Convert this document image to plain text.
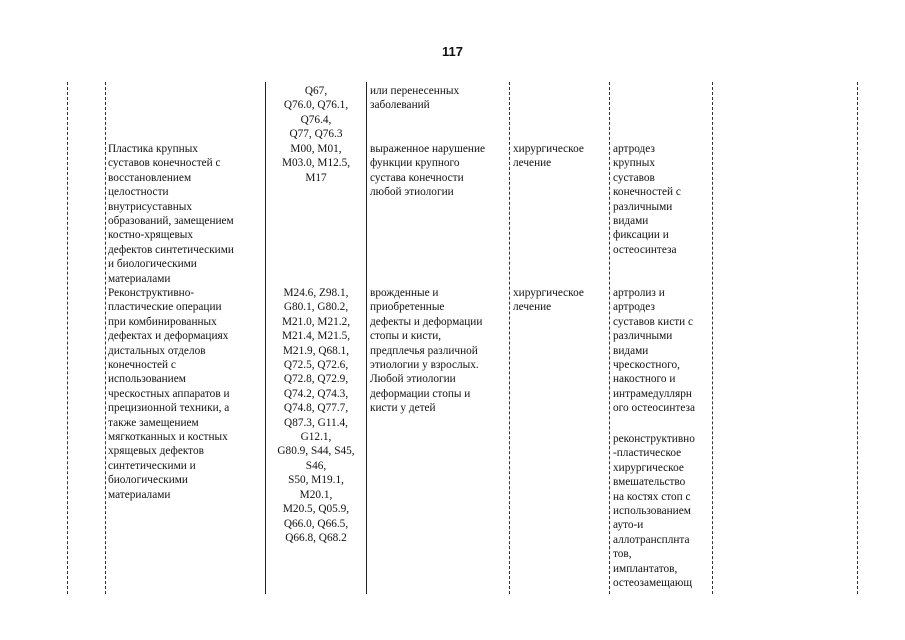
117
Q67,
Q76.0, Q76.1,
Q76.4,
Q77, Q76.3
или перенесенных
заболеваний
Пластика крупных
суставов конечностей с
восстановлением
целостности
внутрисуставных
образований, замещением
костно-хрящевых
дефектов синтетическими
и биологическими
материалами
M00, M01,
M03.0, M12.5,
M17
выраженное нарушение
функции крупного
сустава конечности
любой этиологии
хирургическое
лечение
артродез
крупных
суставов
конечностей с
различными
видами
фиксации и
остеосинтеза
Реконструктивно-
пластические операции
при комбинированных
дефектах и деформациях
дистальных отделов
конечностей с
использованием
чрескостных аппаратов и
прецизионной техники, а
также замещением
мягкотканных и костных
хрящевых дефектов
синтетическими и
биологическими
материалами
M24.6, Z98.1,
G80.1, G80.2,
M21.0, M21.2,
M21.4, M21.5,
M21.9, Q68.1,
Q72.5, Q72.6,
Q72.8, Q72.9,
Q74.2, Q74.3,
Q74.8, Q77.7,
Q87.3, G11.4,
G12.1,
G80.9, S44, S45,
S46,
S50, M19.1,
M20.1,
M20.5, Q05.9,
Q66.0, Q66.5,
Q66.8, Q68.2
врожденные и
приобретенные
дефекты и деформации
стопы и кисти,
предплечья различной
этиологии у взрослых.
Любой этиологии
деформации стопы и
кисти у детей
хирургическое
лечение
артролиз и
артродез
суставов кисти с
различными
видами
чрескостного,
накостного и
интрамедуллярн
ого остеосинтеза
реконструктивно
-пластическое
хирургическое
вмешательство
на костях стоп с
использованием
ауто-и
аллотрансплнта
тов,
имплантатов,
остеозамещающ
